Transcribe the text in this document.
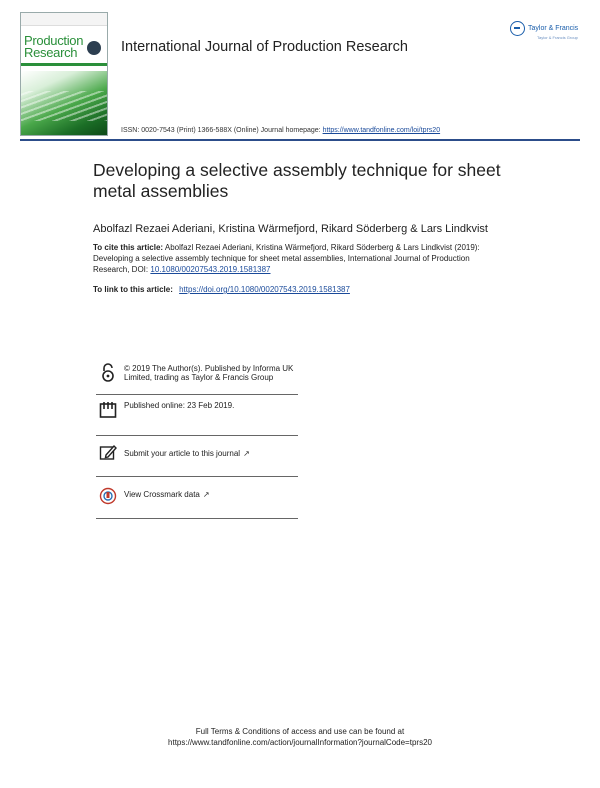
Production
Research	International Journal of Production Research
Taylor & Francis
Taylor & Francis Group
ISSN: 0020-7543 (Print) 1366-588X (Online) Journal homepage: https://www.tandfonline.com/loi/tprs20
Developing a selective assembly technique for sheet metal assemblies
Abolfazl Rezaei Aderiani, Kristina Wärmefjord, Rikard Söderberg & Lars Lindkvist
To cite this article: Abolfazl Rezaei Aderiani, Kristina Wärmefjord, Rikard Söderberg & Lars Lindkvist (2019): Developing a selective assembly technique for sheet metal assemblies, International Journal of Production Research, DOI: 10.1080/00207543.2019.1581387
To link to this article: https://doi.org/10.1080/00207543.2019.1581387
© 2019 The Author(s). Published by Informa UK Limited, trading as Taylor & Francis Group
Published online: 23 Feb 2019.
Submit your article to this journal ↗
View Crossmark data ↗
Full Terms & Conditions of access and use can be found at
https://www.tandfonline.com/action/journalInformation?journalCode=tprs20
